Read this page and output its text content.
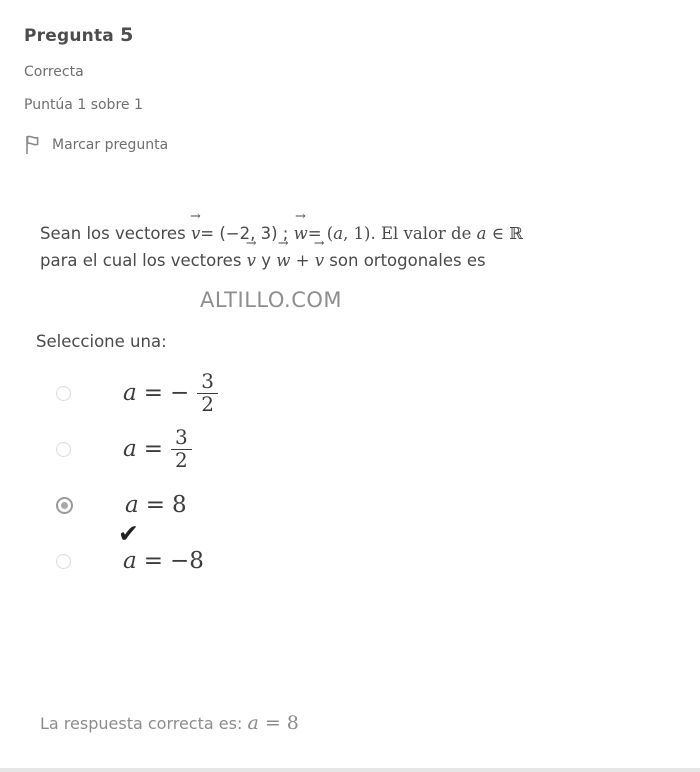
Pregunta 5
Correcta
Puntúa 1 sobre 1
Marcar pregunta
Sean los vectores v →= (−2, 3) ; w →= (a, 1). El valor de a ∈ ℝ
para el cual los vectores v → y w → + v → son ortogonales es
ALTILLO.COM
Seleccione una:
a = − $\frac{3}{2}$
$a = \frac{3}{2}$
a = 8
✔
a = −8
La respuesta correcta es: a = 8
